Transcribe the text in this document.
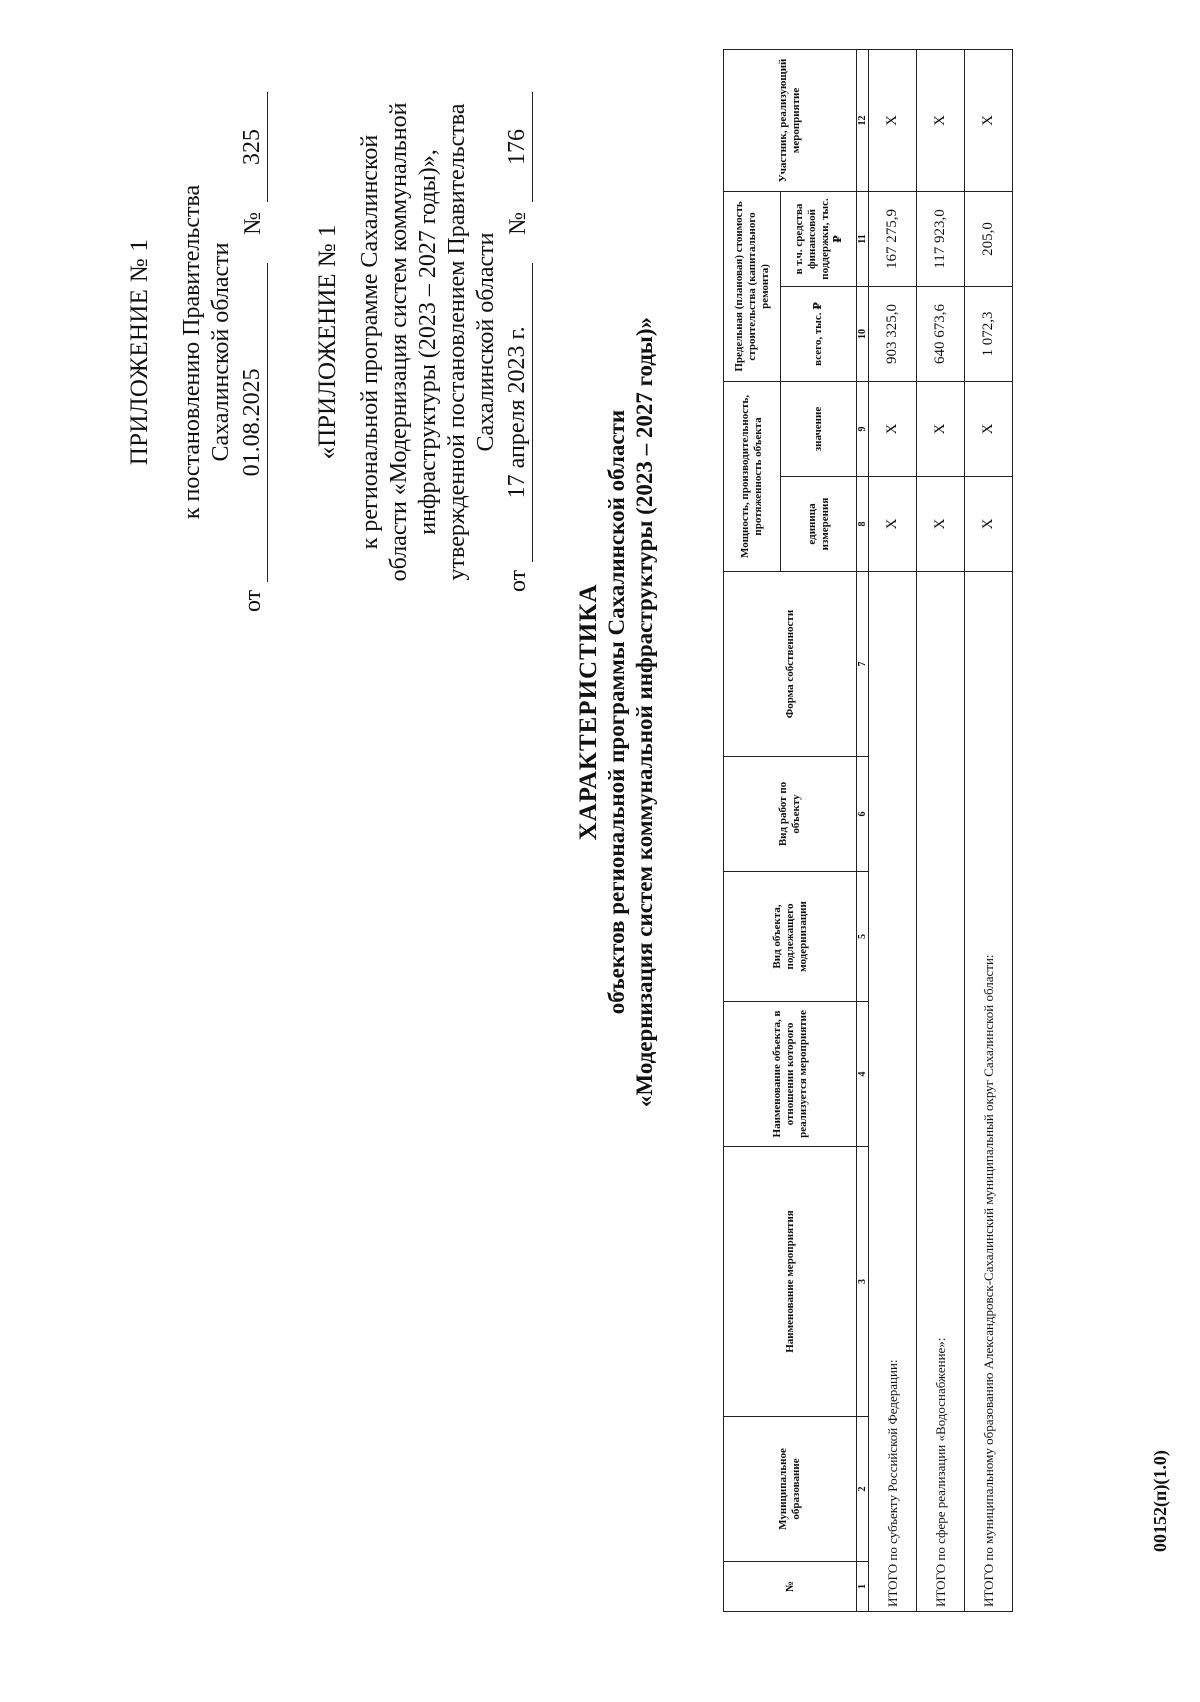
ПРИЛОЖЕНИЕ № 1 к постановлению Правительства Сахалинской области
от
01.08.2025
№
325
«ПРИЛОЖЕНИЕ № 1 к региональной программе Сахалинской области «Модернизация систем коммунальной инфраструктуры (2023 – 2027 годы)», утвержденной постановлением Правительства Сахалинской области
от
17 апреля 2023 г.
№
176
ХАРАКТЕРИСТИКА объектов региональной программы Сахалинской области «Модернизация систем коммунальной инфраструктуры (2023 – 2027 годы)»
№	Муниципальное образование	Наименование мероприятия	Наименование объекта, в отношении которого реализуется мероприятие	Вид объекта, подлежащего модернизации	Вид работ по объекту	Форма собственности	Мощность, производительность, протяженность объекта		Предельная (плановая) стоимость строительства (капитального ремонта)		Участник, реализующий мероприятие
							единица измерения	значение	всего, тыс. ₽	в т.ч. средства финансовой поддержки, тыс. ₽	
1	2	3	4	5	6	7	8	9	10	11	12
ИТОГО по субъекту Российской Федерации:							X	X	903 325,0	167 275,9	X
ИТОГО по сфере реализации «Водоснабжение»:							X	X	640 673,6	117 923,0	X
ИТОГО по муниципальному образованию Александровск-Сахалинский муниципальный округ Сахалинской области:							X	X	1 072,3	205,0	X
00152(п)(1.0)
